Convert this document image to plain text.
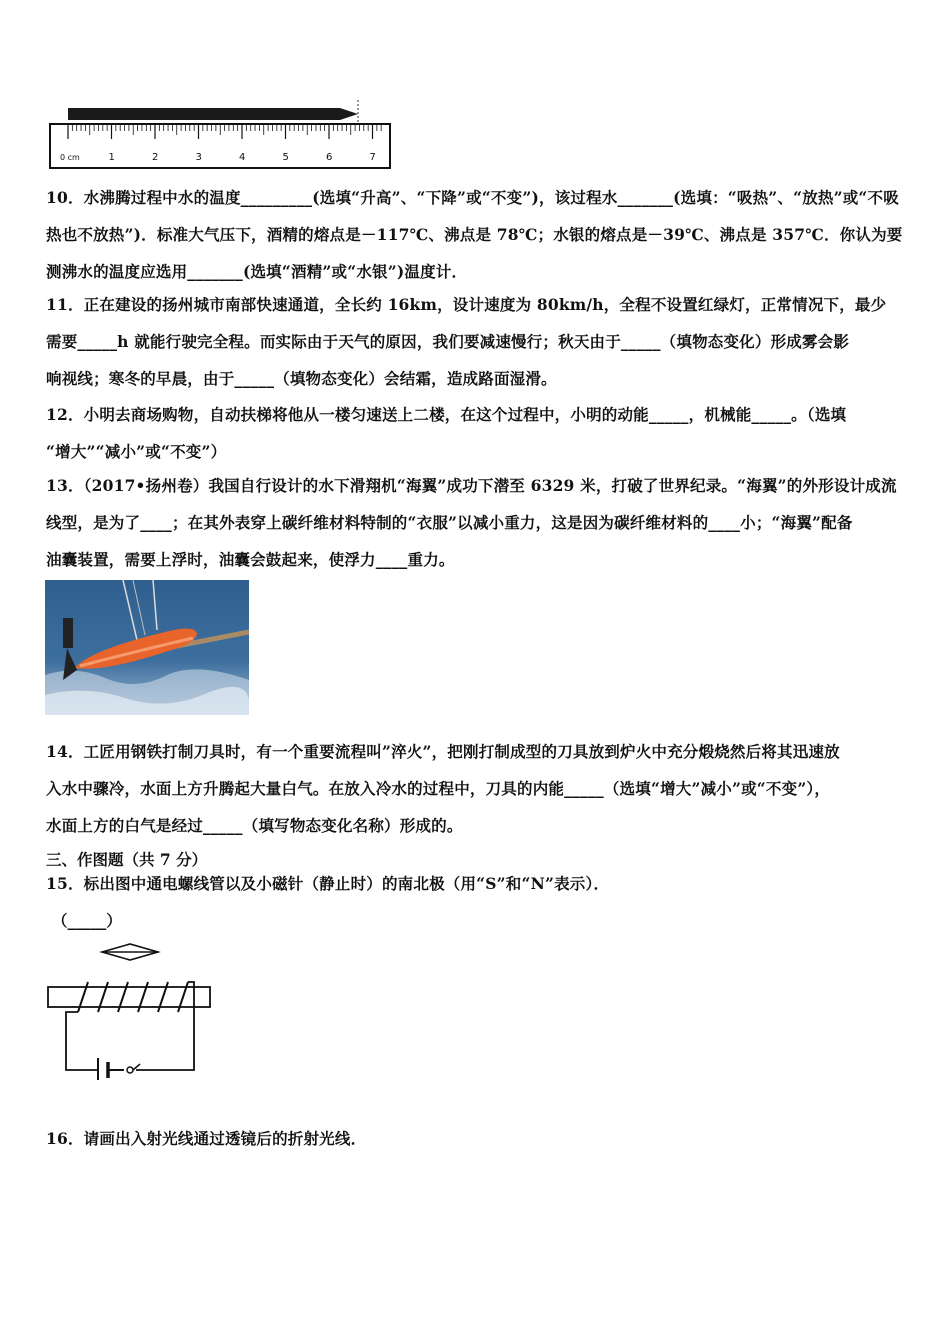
0 cm	1	2	3	4	5	6	7
10．水沸腾过程中水的温度_________(选填“升高”、“下降”或“不变”)，该过程水_______(选填：“吸热”、“放热”或“不吸
热也不放热”)．标准大气压下，酒精的熔点是－117℃、沸点是 78℃；水银的熔点是－39℃、沸点是 357℃．你认为要
测沸水的温度应选用_______(选填“酒精”或“水银”)温度计．
11．正在建设的扬州城市南部快速通道，全长约 16km，设计速度为 80km/h，全程不设置红绿灯，正常情况下，最少
需要_____h 就能行驶完全程。而实际由于天气的原因，我们要减速慢行；秋天由于_____（填物态变化）形成雾会影
响视线；寒冬的早晨，由于_____（填物态变化）会结霜，造成路面湿滑。
12．小明去商场购物，自动扶梯将他从一楼匀速送上二楼，在这个过程中，小明的动能_____，机械能_____。（选填
“增大”“减小”或“不变”）
13．（2017•扬州卷）我国自行设计的水下滑翔机“海翼”成功下潜至 6329 米，打破了世界纪录。“海翼”的外形设计成流
线型，是为了____；在其外表穿上碳纤维材料特制的“衣服”以减小重力，这是因为碳纤维材料的____小；“海翼”配备
油囊装置，需要上浮时，油囊会鼓起来，使浮力____重力。
14．工匠用钢铁打制刀具时，有一个重要流程叫”淬火”，把刚打制成型的刀具放到炉火中充分煅烧然后将其迅速放
入水中骤冷，水面上方升腾起大量白气。在放入冷水的过程中，刀具的内能_____（选填“增大”减小”或“不变”），
水面上方的白气是经过_____（填写物态变化名称）形成的。
三、作图题（共 7 分）
15．标出图中通电螺线管以及小磁针（静止时）的南北极（用“S”和“N”表示）．
（_____）
16．请画出入射光线通过透镜后的折射光线．
